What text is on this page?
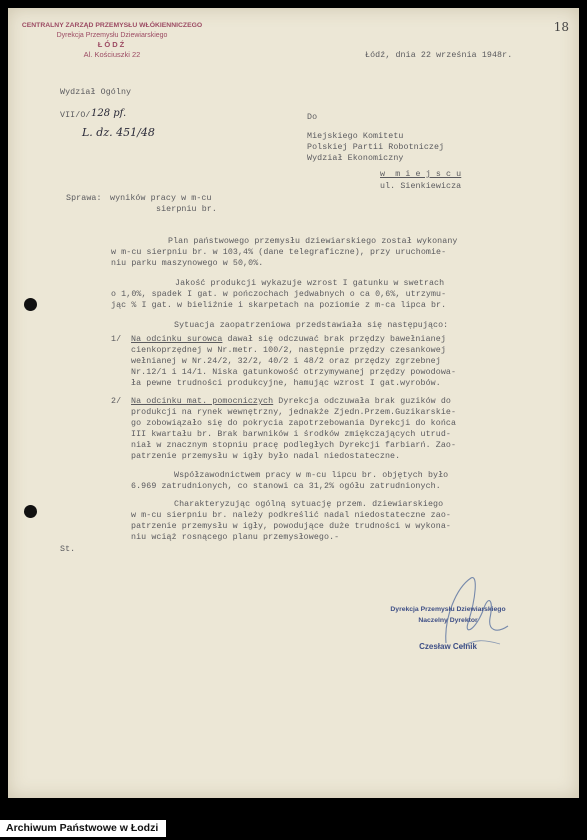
CENTRALNY ZARZĄD PRZEMYSŁU WŁÓKIENNICZEGO
Dyrekcja Przemysłu Dziewiarskiego
ŁÓDŹ
Al. Kościuszki 22
18
Łódź, dnia 22 września 1948r.
Wydział Ogólny
VII/O/ 128 pf.
L. dz. 451/48
Do
Miejskiego Komitetu
Polskiej Partii Robotniczej
Wydział Ekonomiczny
w  m i e j s c u
ul. Sienkiewicza
Sprawa: wyników pracy w m-cu
sierpniu br.
Plan państwowego przemysłu dziewiarskiego został wykonany
w m-cu sierpniu br. w 103,4% (dane telegraficzne), przy uruchomie-
niu parku maszynowego w 50,0%.
Jakość produkcji wykazuje wzrost I gatunku w swetrach
o 1,0%, spadek I gat. w pończochach jedwabnych o ca 0,6%, utrzymu-
jąc % I gat. w bieliźnie i skarpetach na poziomie z m-ca lipca br.
Sytuacja zaopatrzeniowa przedstawiała się następująco:
1/ Na odcinku surowca dawał się odczuwać brak przędzy bawełnianej
cienkoprzędnej w Nr.metr. 100/2, następnie przędzy czesankowej
wełnianej w Nr.24/2, 32/2, 40/2 i 48/2 oraz przędzy zgrzebnej
Nr.12/1 i 14/1. Niska gatunkowość otrzymywanej przędzy powodowa-
ła pewne trudności produkcyjne, hamując wzrost I gat.wyrobów.
2/ Na odcinku mat. pomocniczych Dyrekcja odczuwała brak guzików do
produkcji na rynek wewnętrzny, jednakże Zjedn.Przem.Guzikarskie-
go zobowiązało się do pokrycia zapotrzebowania Dyrekcji do końca
III kwartału br. Brak barwników i środków zmiękczających utrud-
niał w znacznym stopniu pracę podległych Dyrekcji farbiarń. Zao-
patrzenie przemysłu w igły było nadal niedostateczne.
Współzawodnictwem pracy w m-cu lipcu br. objętych było
6.969 zatrudnionych, co stanowi ca 31,2% ogółu zatrudnionych.
Charakteryzując ogólną sytuację przem. dziewiarskiego
w m-cu sierpniu br. należy podkreślić nadal niedostateczne zao-
patrzenie przemysłu w igły, powodujące duże trudności w wykona-
niu wciąż rosnącego planu przemysłowego.-
St.
Dyrekcja Przemysłu Dziewiarskiego
Naczelny Dyrektor
Czesław Celnik
Archiwum Państwowe w Łodzi
